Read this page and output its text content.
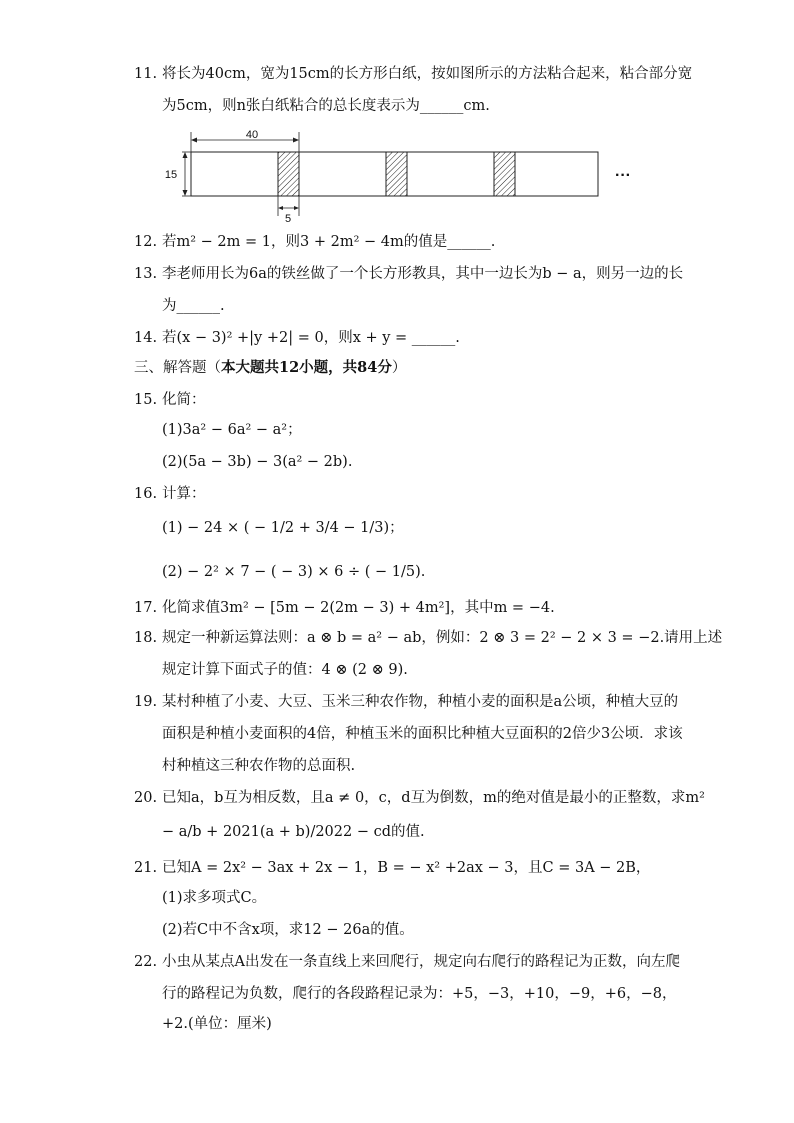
11. 将长为40cm，宽为15cm的长方形白纸，按如图所示的方法粘合起来，粘合部分宽
为5cm，则n张白纸粘合的总长度表示为______cm.
40
15
5
···
12. 若m² − 2m = 1，则3 + 2m² − 4m的值是______.
13. 李老师用长为6a的铁丝做了一个长方形教具，其中一边长为b − a，则另一边的长
为______.
14. 若(x − 3)² +|y +2| = 0，则x + y = ______.
三、解答题（本大题共12小题，共84分）
15. 化简：
(1)3a² − 6a² − a²；
(2)(5a − 3b) − 3(a² − 2b).
16. 计算：
(1) − 24 × ( − 1/2 + 3/4 − 1/3)；
(2) − 2² × 7 − ( − 3) × 6 ÷ ( − 1/5).
17. 化简求值3m² − [5m − 2(2m − 3) + 4m²]，其中m = −4.
18. 规定一种新运算法则：a ⊗ b = a² − ab，例如：2 ⊗ 3 = 2² − 2 × 3 = −2.请用上述
规定计算下面式子的值：4 ⊗ (2 ⊗ 9).
19. 某村种植了小麦、大豆、玉米三种农作物，种植小麦的面积是a公顷，种植大豆的
面积是种植小麦面积的4倍，种植玉米的面积比种植大豆面积的2倍少3公顷．求该
村种植这三种农作物的总面积.
20. 已知a，b互为相反数，且a ≠ 0，c，d互为倒数，m的绝对值是最小的正整数，求m²
− a/b + 2021(a + b)/2022 − cd的值.
21. 已知A = 2x² − 3ax + 2x − 1，B = − x² +2ax − 3，且C = 3A − 2B，
(1)求多项式C。
(2)若C中不含x项，求12 − 26a的值。
22. 小虫从某点A出发在一条直线上来回爬行，规定向右爬行的路程记为正数，向左爬
行的路程记为负数，爬行的各段路程记录为：+5，−3，+10，−9，+6，−8，
+2.(单位：厘米)
